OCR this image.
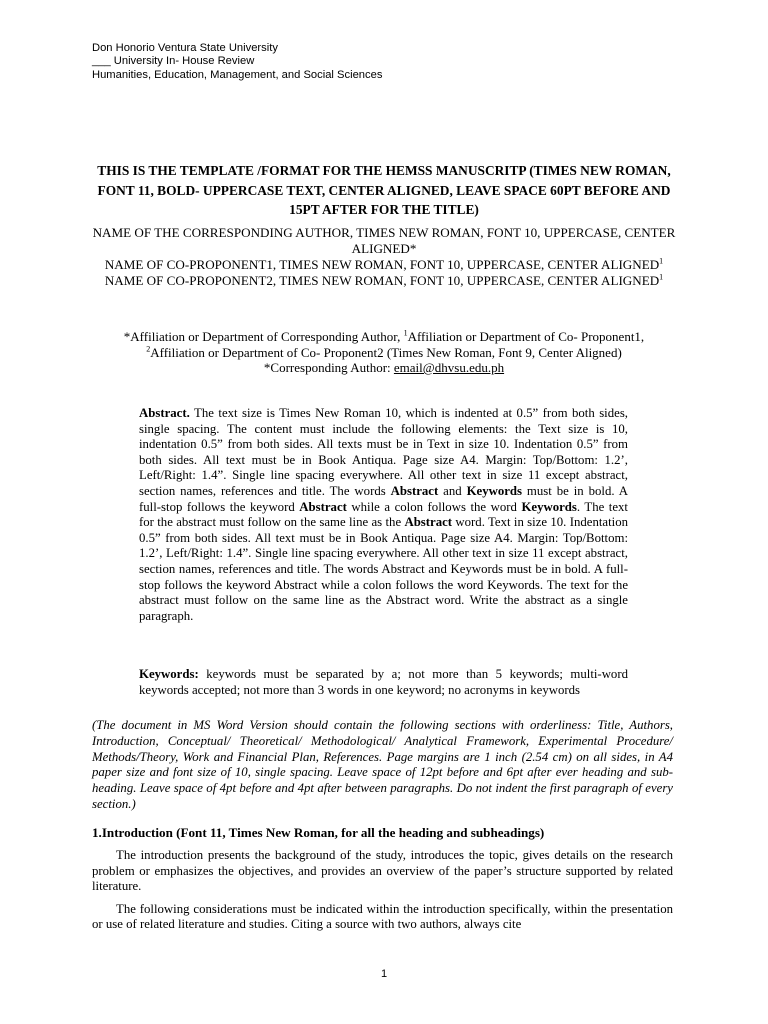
Don Honorio Ventura State University
___ University In- House Review
Humanities, Education, Management, and Social Sciences
THIS IS THE TEMPLATE /FORMAT FOR THE HEMSS MANUSCRITP (TIMES NEW ROMAN, FONT 11, BOLD- UPPERCASE TEXT, CENTER ALIGNED, LEAVE SPACE 60PT BEFORE AND 15PT AFTER FOR THE TITLE)

NAME OF THE CORRESPONDING AUTHOR, TIMES NEW ROMAN, FONT 10, UPPERCASE, CENTER ALIGNED*

NAME OF CO-PROPONENT1, TIMES NEW ROMAN, FONT 10, UPPERCASE, CENTER ALIGNED$^1$

NAME OF CO-PROPONENT2, TIMES NEW ROMAN, FONT 10, UPPERCASE, CENTER ALIGNED$^1$

*Affiliation or Department of Corresponding Author, $^1$Affiliation or Department of Co- Proponent1,

$^2$Affiliation or Department of Co- Proponent2 (Times New Roman, Font 9, Center Aligned)

*Corresponding Author: email@dhvsu.edu.ph

Abstract. The text size is Times New Roman 10, which is indented at 0.5” from both sides, single spacing. The content must include the following elements: the Text size is 10, indentation 0.5” from both sides. All texts must be in Text in size 10. Indentation 0.5” from both sides. All text must be in Book Antiqua. Page size A4. Margin: Top/Bottom: 1.2’, Left/Right: 1.4”. Single line spacing everywhere. All other text in size 11 except abstract, section names, references and title. The words Abstract and Keywords must be in bold. A full-stop follows the keyword Abstract while a colon follows the word Keywords. The text for the abstract must follow on the same line as the Abstract word. Text in size 10. Indentation 0.5” from both sides. All text must be in Book Antiqua. Page size A4. Margin: Top/Bottom: 1.2’, Left/Right: 1.4”. Single line spacing everywhere. All other text in size 11 except abstract, section names, references and title. The words Abstract and Keywords must be in bold. A full-stop follows the keyword Abstract while a colon follows the word Keywords. The text for the abstract must follow on the same line as the Abstract word. Write the abstract as a single paragraph.

Keywords: keywords must be separated by a; not more than 5 keywords; multi-word keywords accepted; not more than 3 words in one keyword; no acronyms in keywords

(The document in MS Word Version should contain the following sections with orderliness: Title, Authors, Introduction, Conceptual/ Theoretical/ Methodological/ Analytical Framework, Experimental Procedure/ Methods/Theory, Work and Financial Plan, References. Page margins are 1 inch (2.54 cm) on all sides, in A4 paper size and font size of 10, single spacing. Leave space of 12pt before and 6pt after ever heading and sub-heading. Leave space of 4pt before and 4pt after between paragraphs. Do not indent the first paragraph of every section.)

1.Introduction (Font 11, Times New Roman, for all the heading and subheadings)

The introduction presents the background of the study, introduces the topic, gives details on the research problem or emphasizes the objectives, and provides an overview of the paper’s structure supported by related literature.

The following considerations must be indicated within the introduction specifically, within the presentation or use of related literature and studies. Citing a source with two authors, always cite

1
